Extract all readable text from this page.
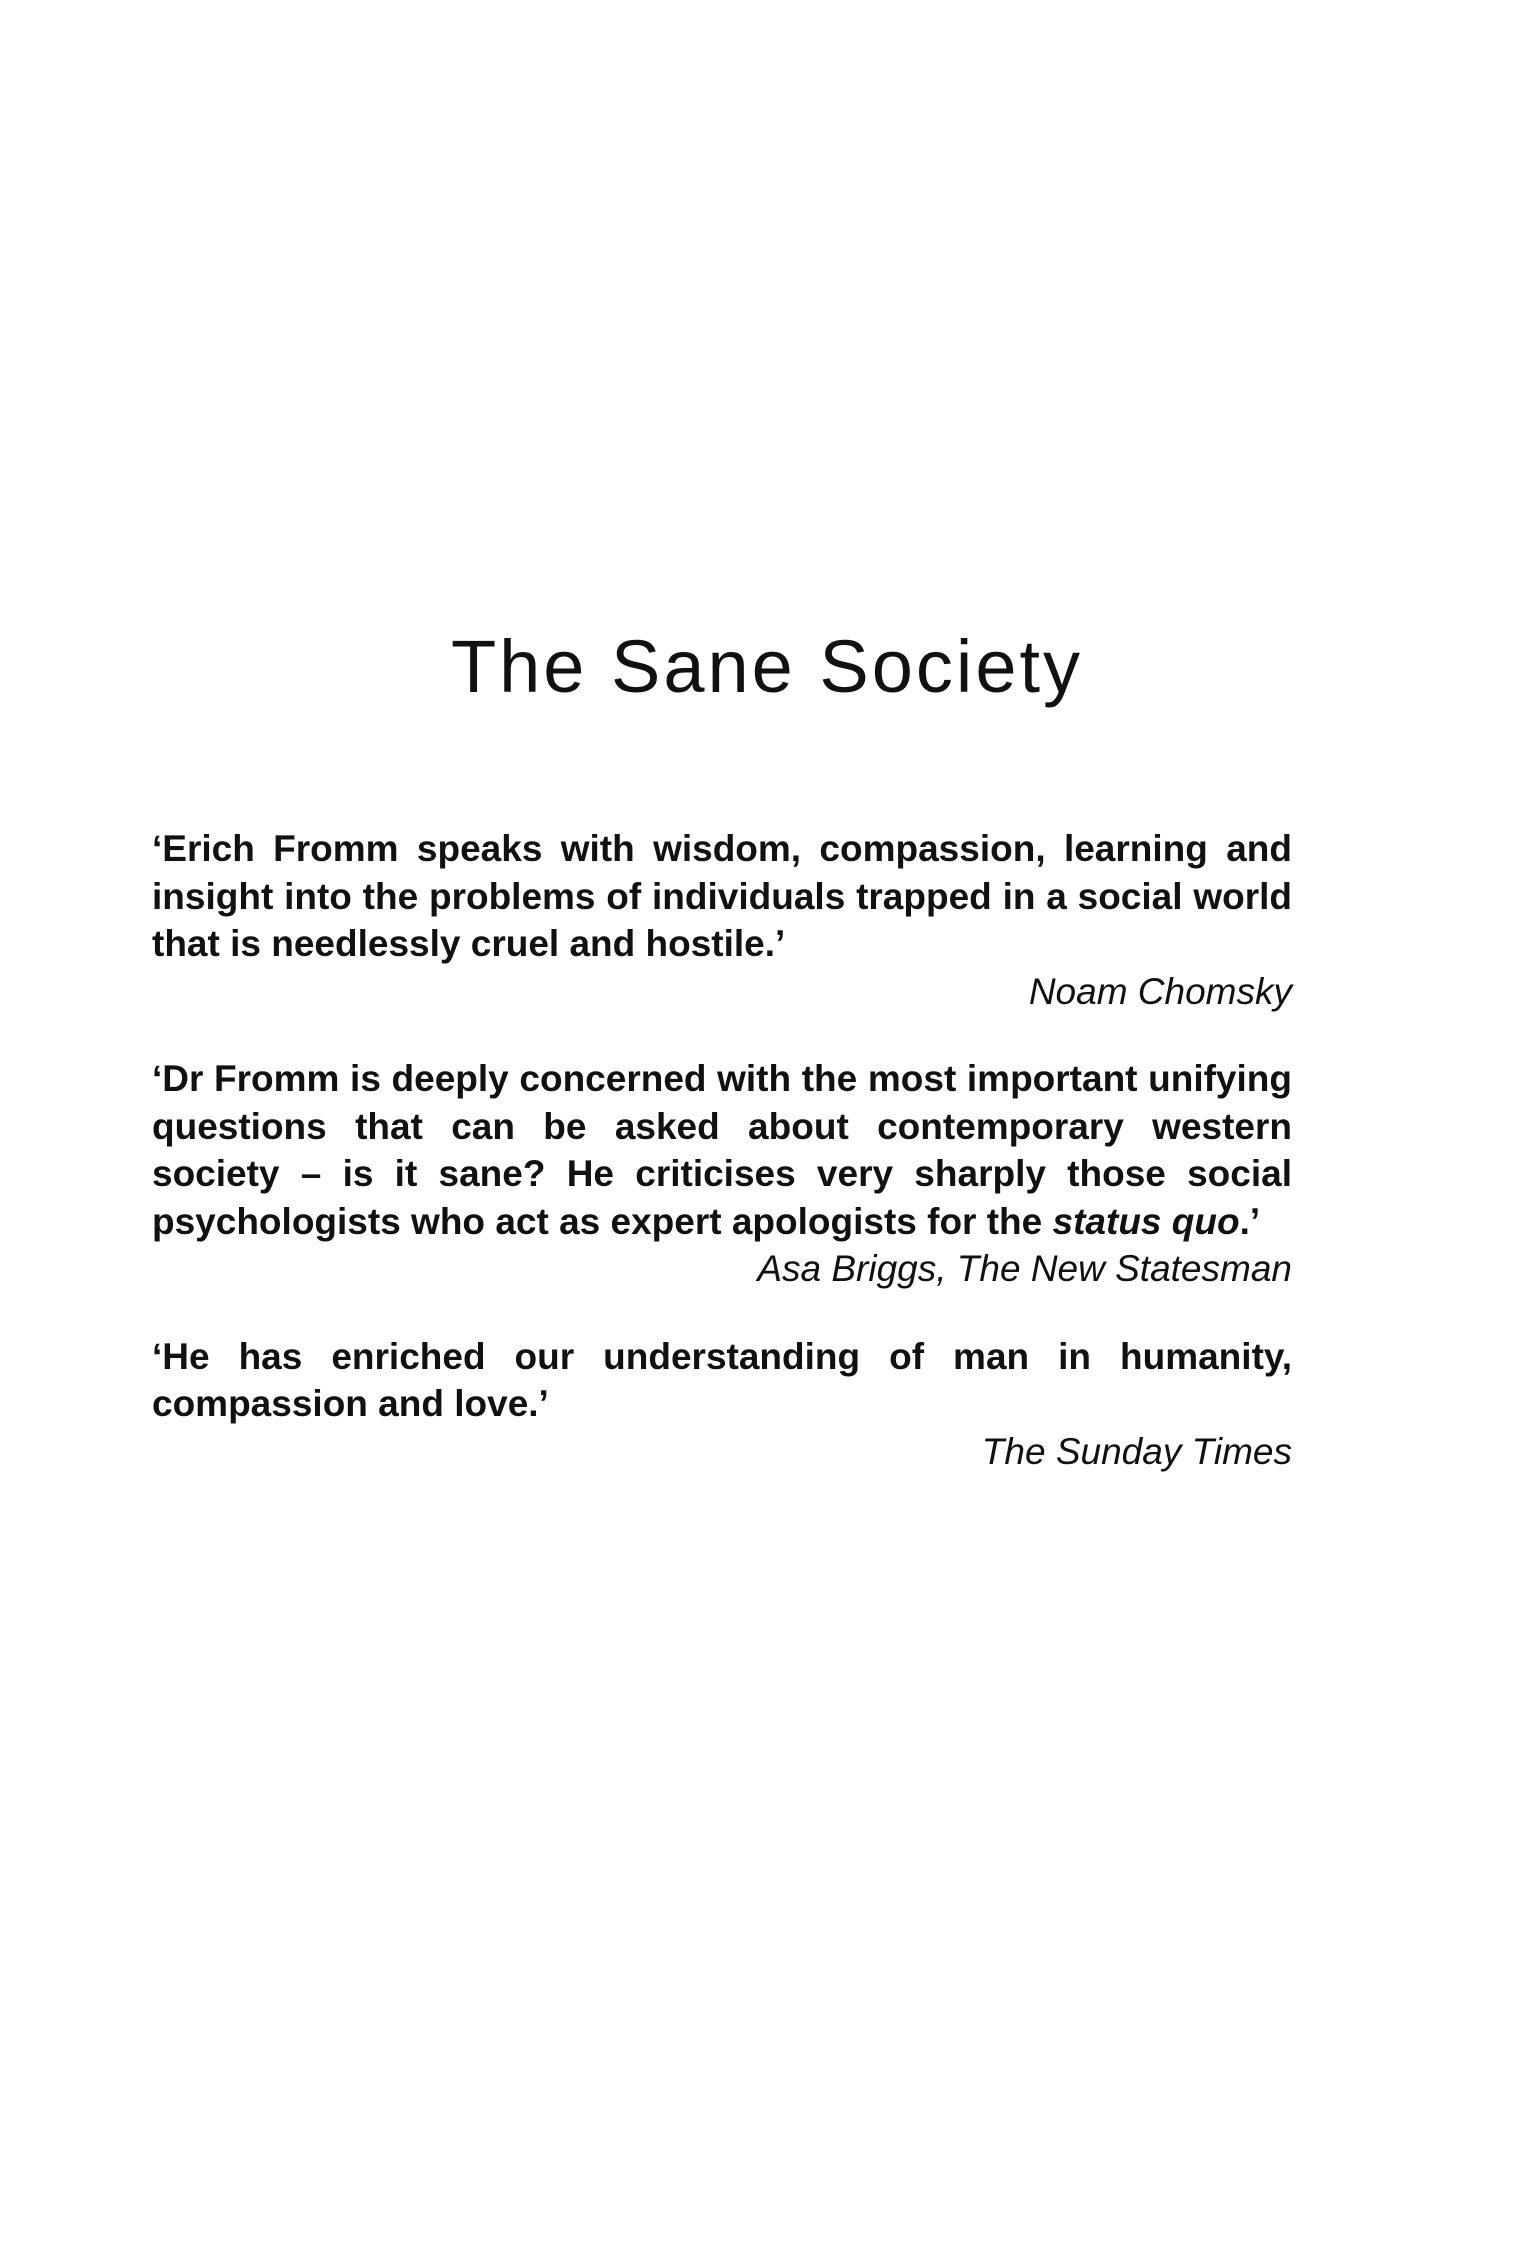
The Sane Society

‘Erich Fromm speaks with wisdom, compassion, learning and insight into the problems of individuals trapped in a social world that is needlessly cruel and hostile.’

Noam Chomsky

‘Dr Fromm is deeply concerned with the most important unifying questions that can be asked about contemporary western society – is it sane? He criticises very sharply those social psychologists who act as expert apologists for the status quo.’

Asa Briggs, The New Statesman

‘He has enriched our understanding of man in humanity, compassion and love.’

The Sunday Times
